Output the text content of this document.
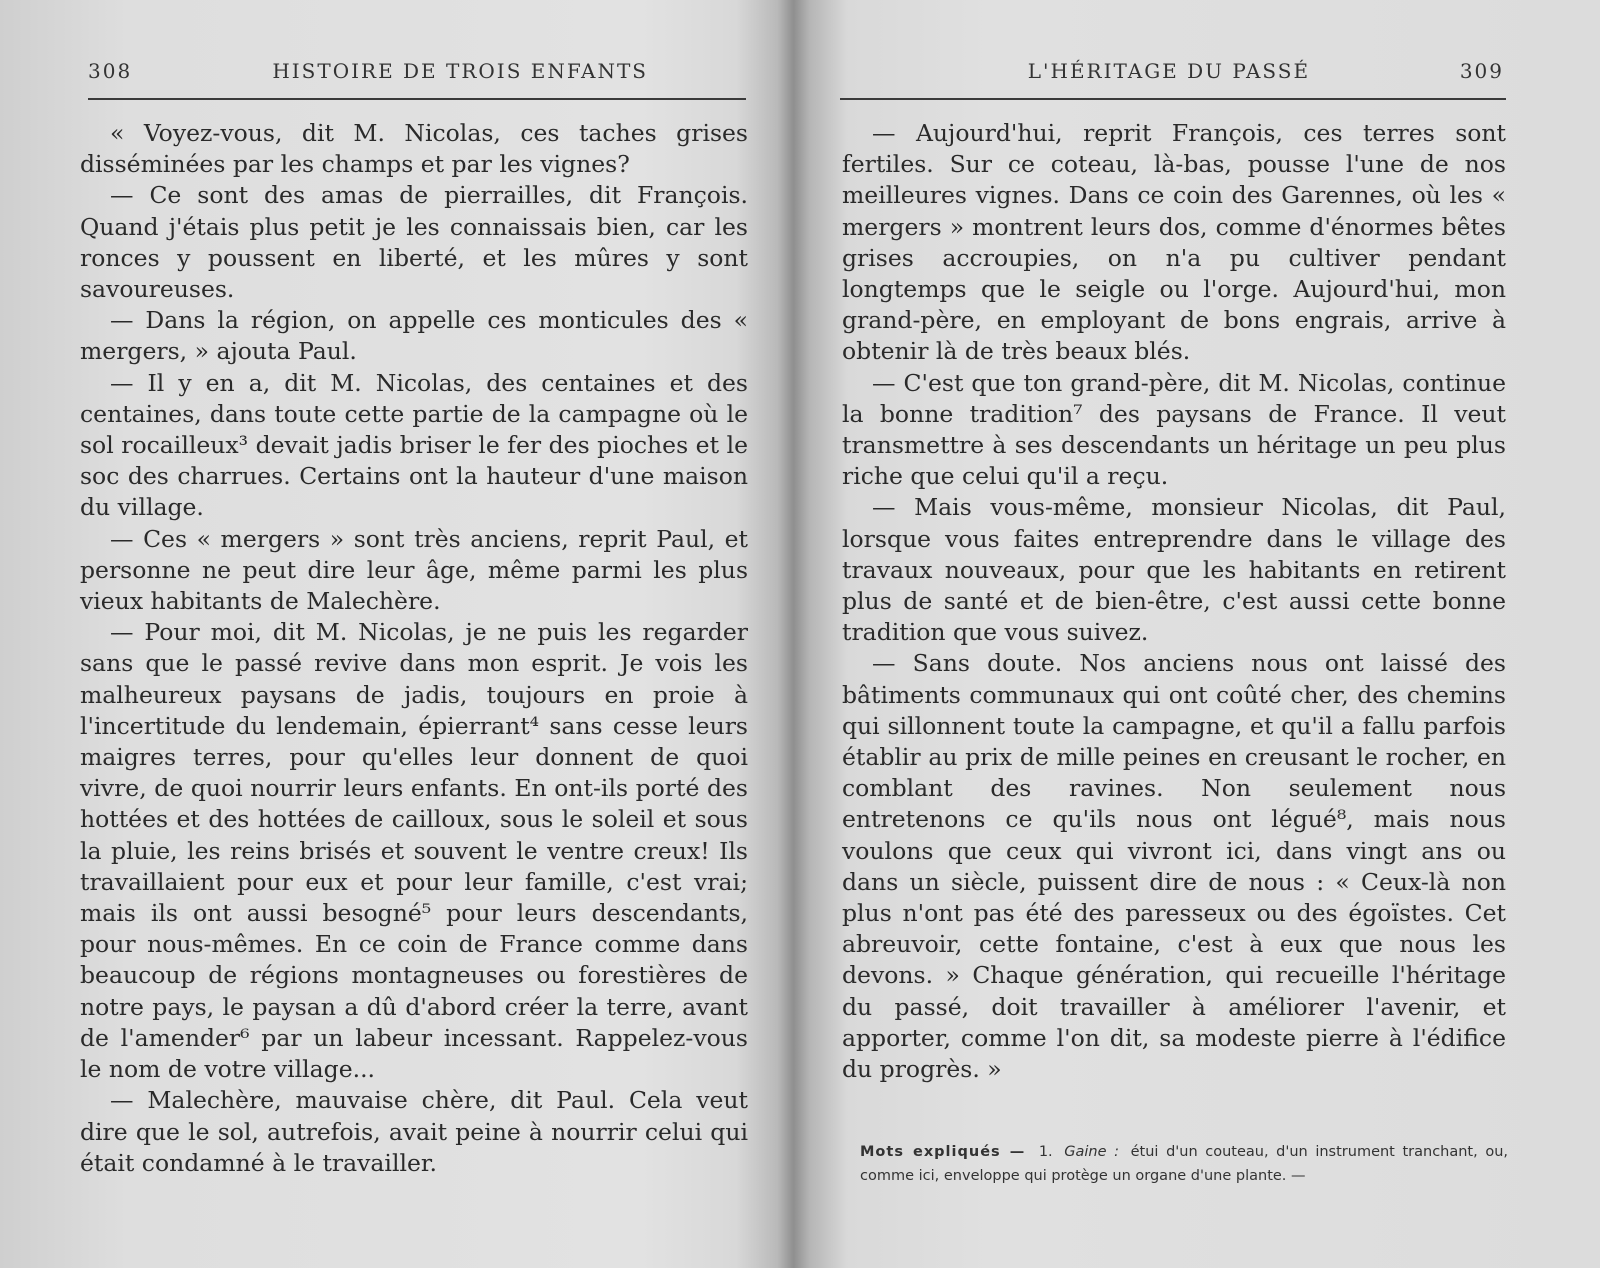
308	HISTOIRE DE TROIS ENFANTS

« Voyez-vous, dit M. Nicolas, ces taches grises disséminées par les champs et par les vignes?

— Ce sont des amas de pierrailles, dit François. Quand j'étais plus petit je les connaissais bien, car les ronces y poussent en liberté, et les mûres y sont savoureuses.

— Dans la région, on appelle ces monticules des « mergers, » ajouta Paul.

— Il y en a, dit M. Nicolas, des centaines et des centaines, dans toute cette partie de la campagne où le sol rocailleux³ devait jadis briser le fer des pioches et le soc des charrues. Certains ont la hauteur d'une maison du village.

— Ces « mergers » sont très anciens, reprit Paul, et personne ne peut dire leur âge, même parmi les plus vieux habitants de Malechère.

— Pour moi, dit M. Nicolas, je ne puis les regarder sans que le passé revive dans mon esprit. Je vois les malheureux paysans de jadis, toujours en proie à l'incertitude du lendemain, épierrant⁴ sans cesse leurs maigres terres, pour qu'elles leur donnent de quoi vivre, de quoi nourrir leurs enfants. En ont-ils porté des hottées et des hottées de cailloux, sous le soleil et sous la pluie, les reins brisés et souvent le ventre creux! Ils travaillaient pour eux et pour leur famille, c'est vrai; mais ils ont aussi besogné⁵ pour leurs descendants, pour nous-mêmes. En ce coin de France comme dans beaucoup de régions montagneuses ou forestières de notre pays, le paysan a dû d'abord créer la terre, avant de l'amender⁶ par un labeur incessant. Rappelez-vous le nom de votre village...

— Malechère, mauvaise chère, dit Paul. Cela veut dire que le sol, autrefois, avait peine à nourrir celui qui était condamné à le travailler.

L'HÉRITAGE DU PASSÉ	309

— Aujourd'hui, reprit François, ces terres sont fertiles. Sur ce coteau, là-bas, pousse l'une de nos meilleures vignes. Dans ce coin des Garennes, où les « mergers » montrent leurs dos, comme d'énormes bêtes grises accroupies, on n'a pu cultiver pendant longtemps que le seigle ou l'orge. Aujourd'hui, mon grand-père, en employant de bons engrais, arrive à obtenir là de très beaux blés.

— C'est que ton grand-père, dit M. Nicolas, continue la bonne tradition⁷ des paysans de France. Il veut transmettre à ses descendants un héritage un peu plus riche que celui qu'il a reçu.

— Mais vous-même, monsieur Nicolas, dit Paul, lorsque vous faites entreprendre dans le village des travaux nouveaux, pour que les habitants en retirent plus de santé et de bien-être, c'est aussi cette bonne tradition que vous suivez.

— Sans doute. Nos anciens nous ont laissé des bâtiments communaux qui ont coûté cher, des chemins qui sillonnent toute la campagne, et qu'il a fallu parfois établir au prix de mille peines en creusant le rocher, en comblant des ravines. Non seulement nous entretenons ce qu'ils nous ont légué⁸, mais nous voulons que ceux qui vivront ici, dans vingt ans ou dans un siècle, puissent dire de nous : « Ceux-là non plus n'ont pas été des paresseux ou des égoïstes. Cet abreuvoir, cette fontaine, c'est à eux que nous les devons. » Chaque génération, qui recueille l'héritage du passé, doit travailler à améliorer l'avenir, et apporter, comme l'on dit, sa modeste pierre à l'édifice du progrès. »

Mots expliqués — 1. Gaine : étui d'un couteau, d'un instrument tranchant, ou, comme ici, enveloppe qui protège un organe d'une plante. —
